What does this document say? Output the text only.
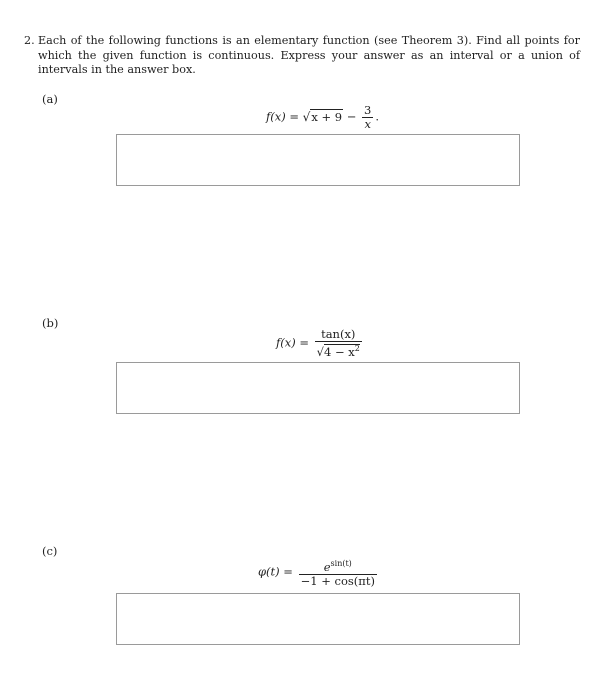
2. Each of the following functions is an elementary function (see Theorem 3). Find all points for which the given function is continuous. Express your answer as an interval or a union of intervals in the answer box.
(a)
$f(x) = √x + 9 - \frac{3}{x}$ .
(b)
$f(x) = \frac{\tan(x)}{√4 - x^2}$
(c)
$\varphi(t) = \frac{e^{sin(t)}}{-1 + \cos(\pi t)}$
